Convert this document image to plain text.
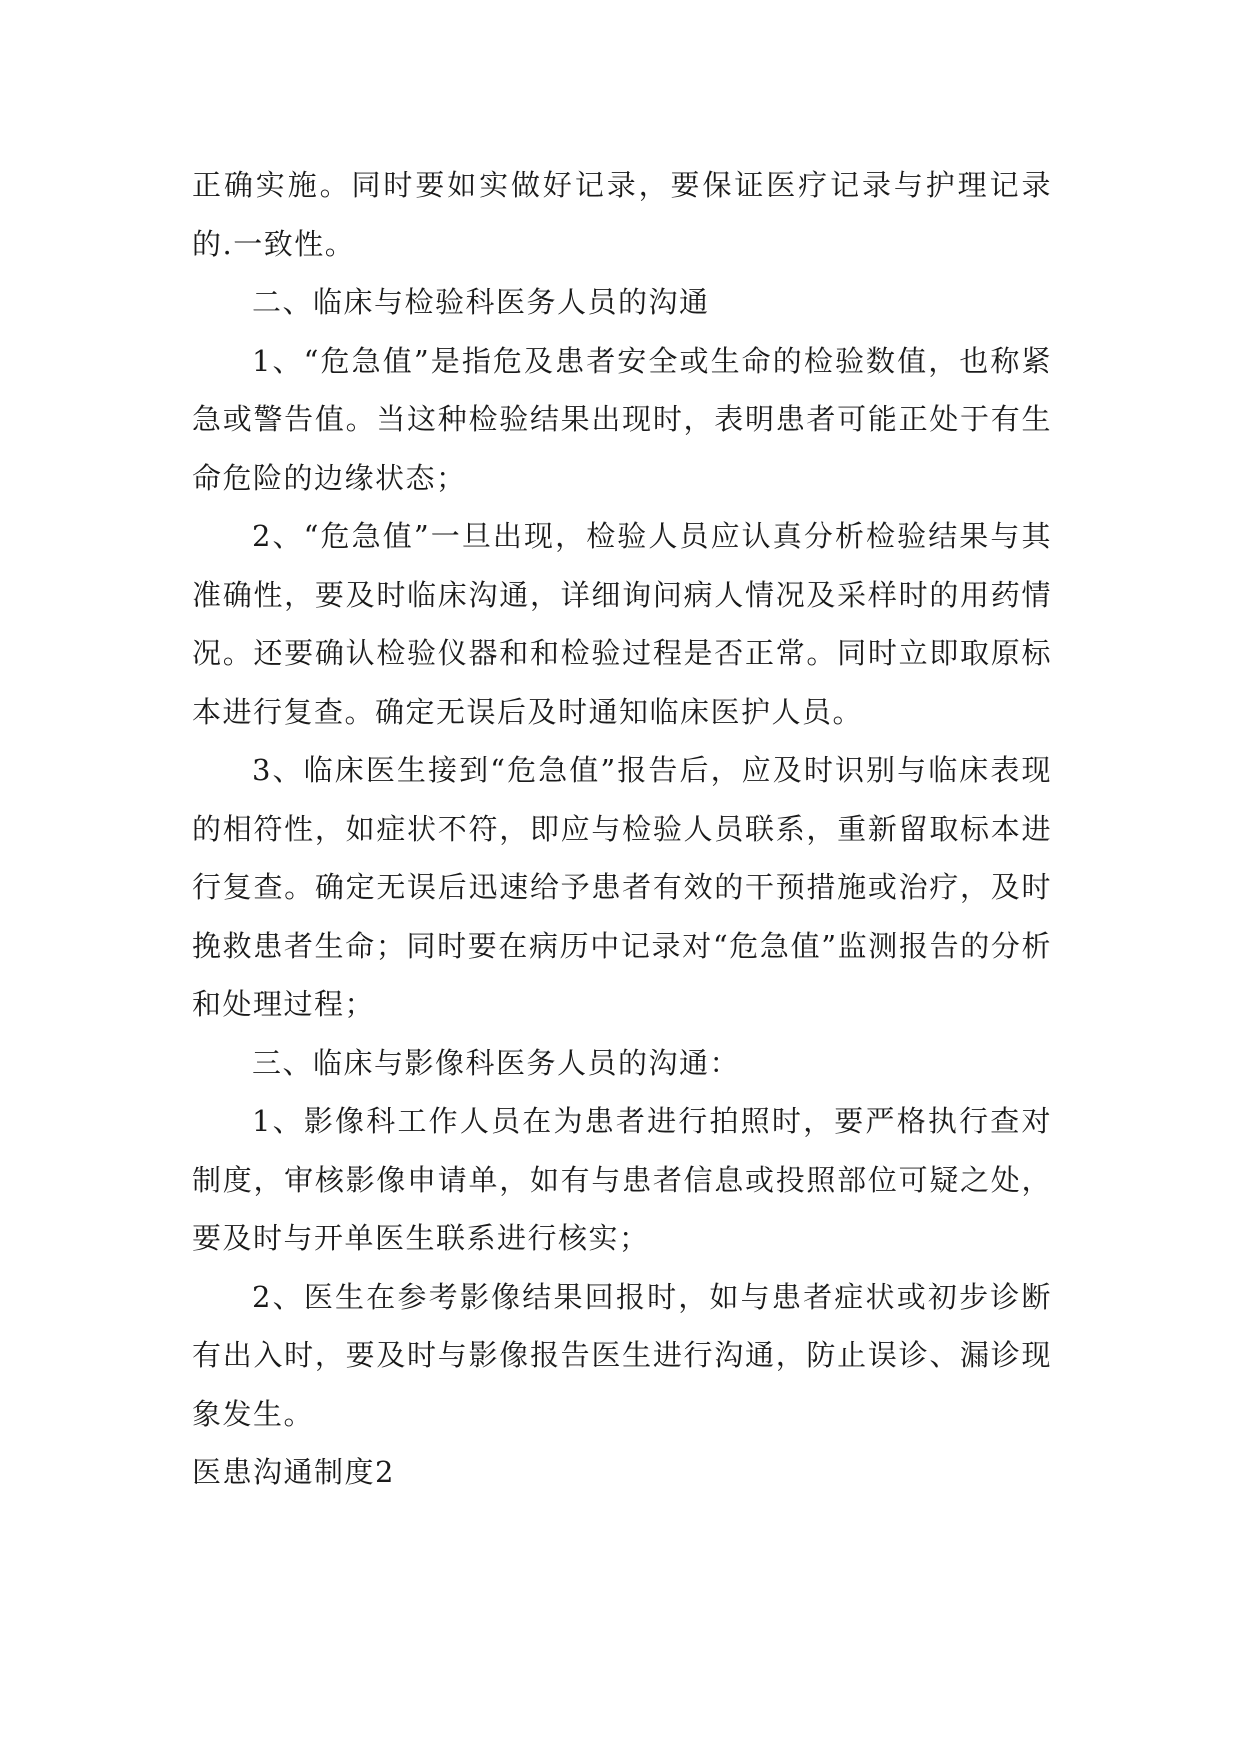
正确实施。同时要如实做好记录，要保证医疗记录与护理记录的.一致性。

二、临床与检验科医务人员的沟通

1、“危急值”是指危及患者安全或生命的检验数值，也称紧急或警告值。当这种检验结果出现时，表明患者可能正处于有生命危险的边缘状态；

2、“危急值”一旦出现，检验人员应认真分析检验结果与其准确性，要及时临床沟通，详细询问病人情况及采样时的用药情况。还要确认检验仪器和和检验过程是否正常。同时立即取原标本进行复查。确定无误后及时通知临床医护人员。

3、临床医生接到“危急值”报告后，应及时识别与临床表现的相符性，如症状不符，即应与检验人员联系，重新留取标本进行复查。确定无误后迅速给予患者有效的干预措施或治疗，及时挽救患者生命；同时要在病历中记录对“危急值”监测报告的分析和处理过程；

三、临床与影像科医务人员的沟通：

1、影像科工作人员在为患者进行拍照时，要严格执行查对制度，审核影像申请单，如有与患者信息或投照部位可疑之处，要及时与开单医生联系进行核实；

2、医生在参考影像结果回报时，如与患者症状或初步诊断有出入时，要及时与影像报告医生进行沟通，防止误诊、漏诊现象发生。

医患沟通制度2
